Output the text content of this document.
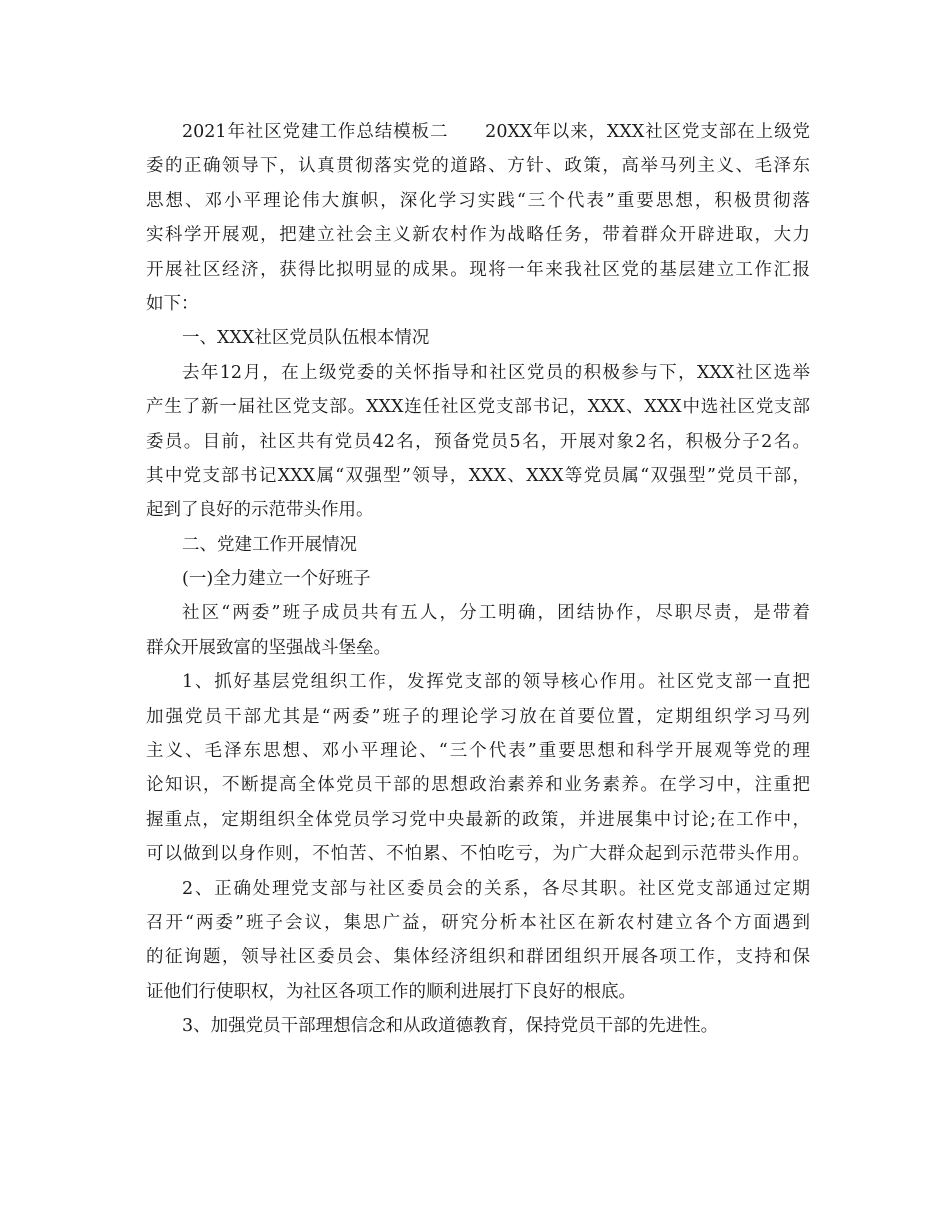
2021年社区党建工作总结模板二　　20XX年以来，XXX社区党支部在上级党
委的正确领导下，认真贯彻落实党的道路、方针、政策，高举马列主义、毛泽东
思想、邓小平理论伟大旗帜，深化学习实践“三个代表”重要思想，积极贯彻落
实科学开展观，把建立社会主义新农村作为战略任务，带着群众开辟进取，大力
开展社区经济，获得比拟明显的成果。现将一年来我社区党的基层建立工作汇报
如下：
一、XXX社区党员队伍根本情况
去年12月，在上级党委的关怀指导和社区党员的积极参与下，XXX社区选举
产生了新一届社区党支部。XXX连任社区党支部书记，XXX、XXX中选社区党支部
委员。目前，社区共有党员42名，预备党员5名，开展对象2名，积极分子2名。
其中党支部书记XXX属“双强型”领导，XXX、XXX等党员属“双强型”党员干部，
起到了良好的示范带头作用。
二、党建工作开展情况
(一)全力建立一个好班子
社区“两委”班子成员共有五人，分工明确，团结协作，尽职尽责，是带着
群众开展致富的坚强战斗堡垒。
1、抓好基层党组织工作，发挥党支部的领导核心作用。社区党支部一直把
加强党员干部尤其是“两委”班子的理论学习放在首要位置，定期组织学习马列
主义、毛泽东思想、邓小平理论、“三个代表”重要思想和科学开展观等党的理
论知识，不断提高全体党员干部的思想政治素养和业务素养。在学习中，注重把
握重点，定期组织全体党员学习党中央最新的政策，并进展集中讨论;在工作中，
可以做到以身作则，不怕苦、不怕累、不怕吃亏，为广大群众起到示范带头作用。
2、正确处理党支部与社区委员会的关系，各尽其职。社区党支部通过定期
召开“两委”班子会议，集思广益，研究分析本社区在新农村建立各个方面遇到
的征询题，领导社区委员会、集体经济组织和群团组织开展各项工作，支持和保
证他们行使职权，为社区各项工作的顺利进展打下良好的根底。
3、加强党员干部理想信念和从政道德教育，保持党员干部的先进性。
